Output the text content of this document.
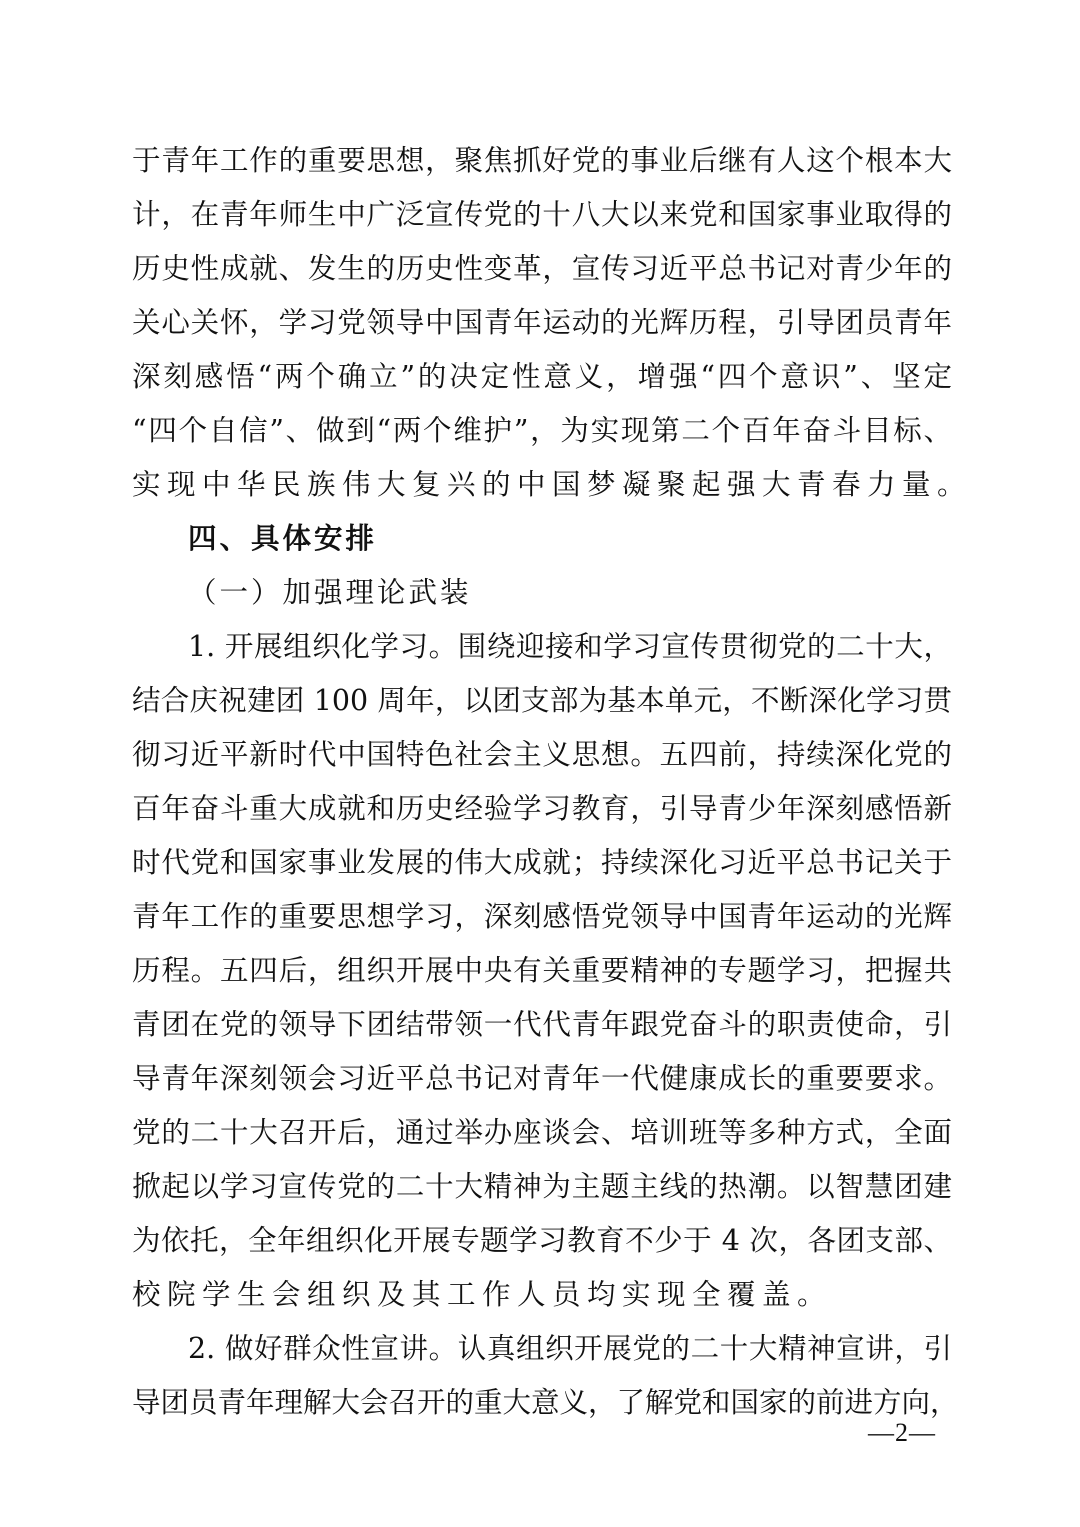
于青年工作的重要思想，聚焦抓好党的事业后继有人这个根本大
计，在青年师生中广泛宣传党的十八大以来党和国家事业取得的
历史性成就、发生的历史性变革，宣传习近平总书记对青少年的
关心关怀，学习党领导中国青年运动的光辉历程，引导团员青年
深刻感悟“两个确立”的决定性意义，增强“四个意识”、坚定
“四个自信”、做到“两个维护”，为实现第二个百年奋斗目标、
实现中华民族伟大复兴的中国梦凝聚起强大青春力量。
四、具体安排
（一）加强理论武装
1. 开展组织化学习。围绕迎接和学习宣传贯彻党的二十大，
结合庆祝建团 100 周年，以团支部为基本单元，不断深化学习贯
彻习近平新时代中国特色社会主义思想。五四前，持续深化党的
百年奋斗重大成就和历史经验学习教育，引导青少年深刻感悟新
时代党和国家事业发展的伟大成就；持续深化习近平总书记关于
青年工作的重要思想学习，深刻感悟党领导中国青年运动的光辉
历程。五四后，组织开展中央有关重要精神的专题学习，把握共
青团在党的领导下团结带领一代代青年跟党奋斗的职责使命，引
导青年深刻领会习近平总书记对青年一代健康成长的重要要求。
党的二十大召开后，通过举办座谈会、培训班等多种方式，全面
掀起以学习宣传党的二十大精神为主题主线的热潮。以智慧团建
为依托，全年组织化开展专题学习教育不少于 4 次，各团支部、
校院学生会组织及其工作人员均实现全覆盖。
2. 做好群众性宣讲。认真组织开展党的二十大精神宣讲，引
导团员青年理解大会召开的重大意义，了解党和国家的前进方向，
—2—
